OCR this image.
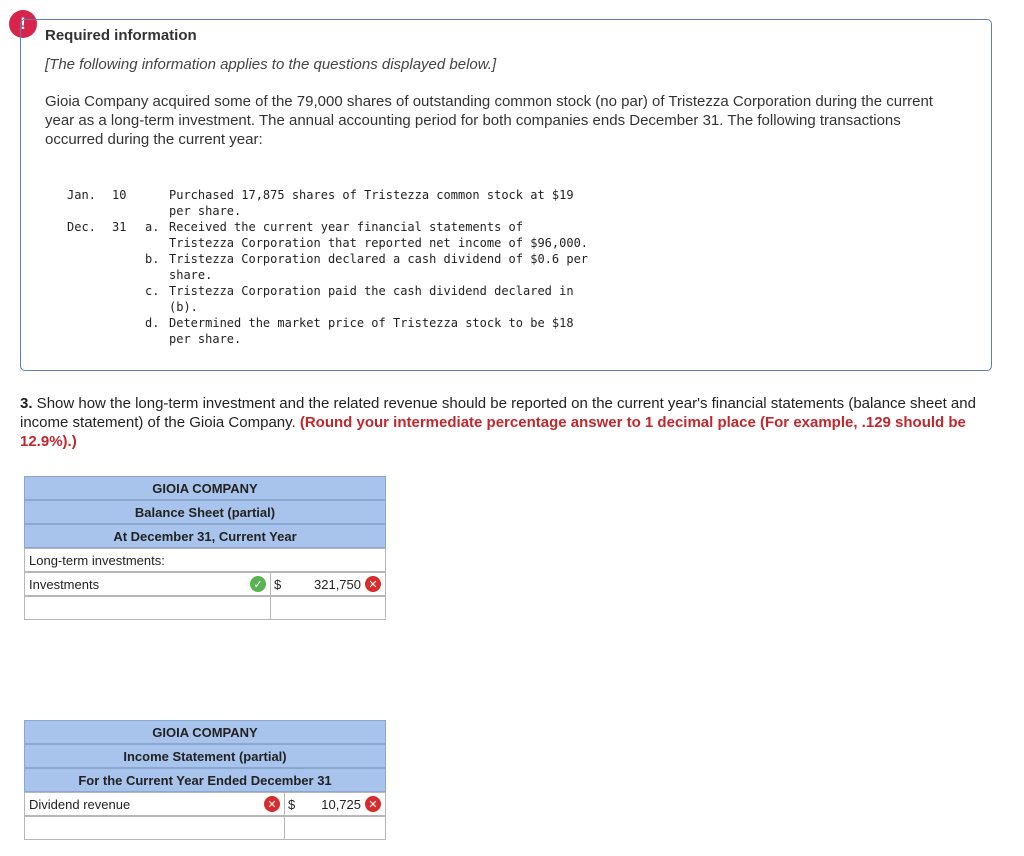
!
Required information
[The following information applies to the questions displayed below.]

Gioia Company acquired some of the 79,000 shares of outstanding common stock (no par) of Tristezza Corporation during the current year as a long-term investment. The annual accounting period for both companies ends December 31. The following transactions occurred during the current year:

Jan. 10	Purchased 17,875 shares of Tristezza common stock at $19
per share.
Dec. 31 a. Received the current year financial statements of
Tristezza Corporation that reported net income of $96,000.
b. Tristezza Corporation declared a cash dividend of $0.6 per
share.
c. Tristezza Corporation paid the cash dividend declared in
(b).
d. Determined the market price of Tristezza stock to be $18
per share.

3. Show how the long-term investment and the related revenue should be reported on the current year's financial statements (balance sheet and income statement) of the Gioia Company. (Round your intermediate percentage answer to 1 decimal place (For example, .129 should be 12.9%).)

GIOIA COMPANY
Balance Sheet (partial)
At December 31, Current Year
Long-term investments:
Investments	✓ $	321,750 ✕
GIOIA COMPANY
Income Statement (partial)
For the Current Year Ended December 31
Dividend revenue	✕ $	10,725 ✕
